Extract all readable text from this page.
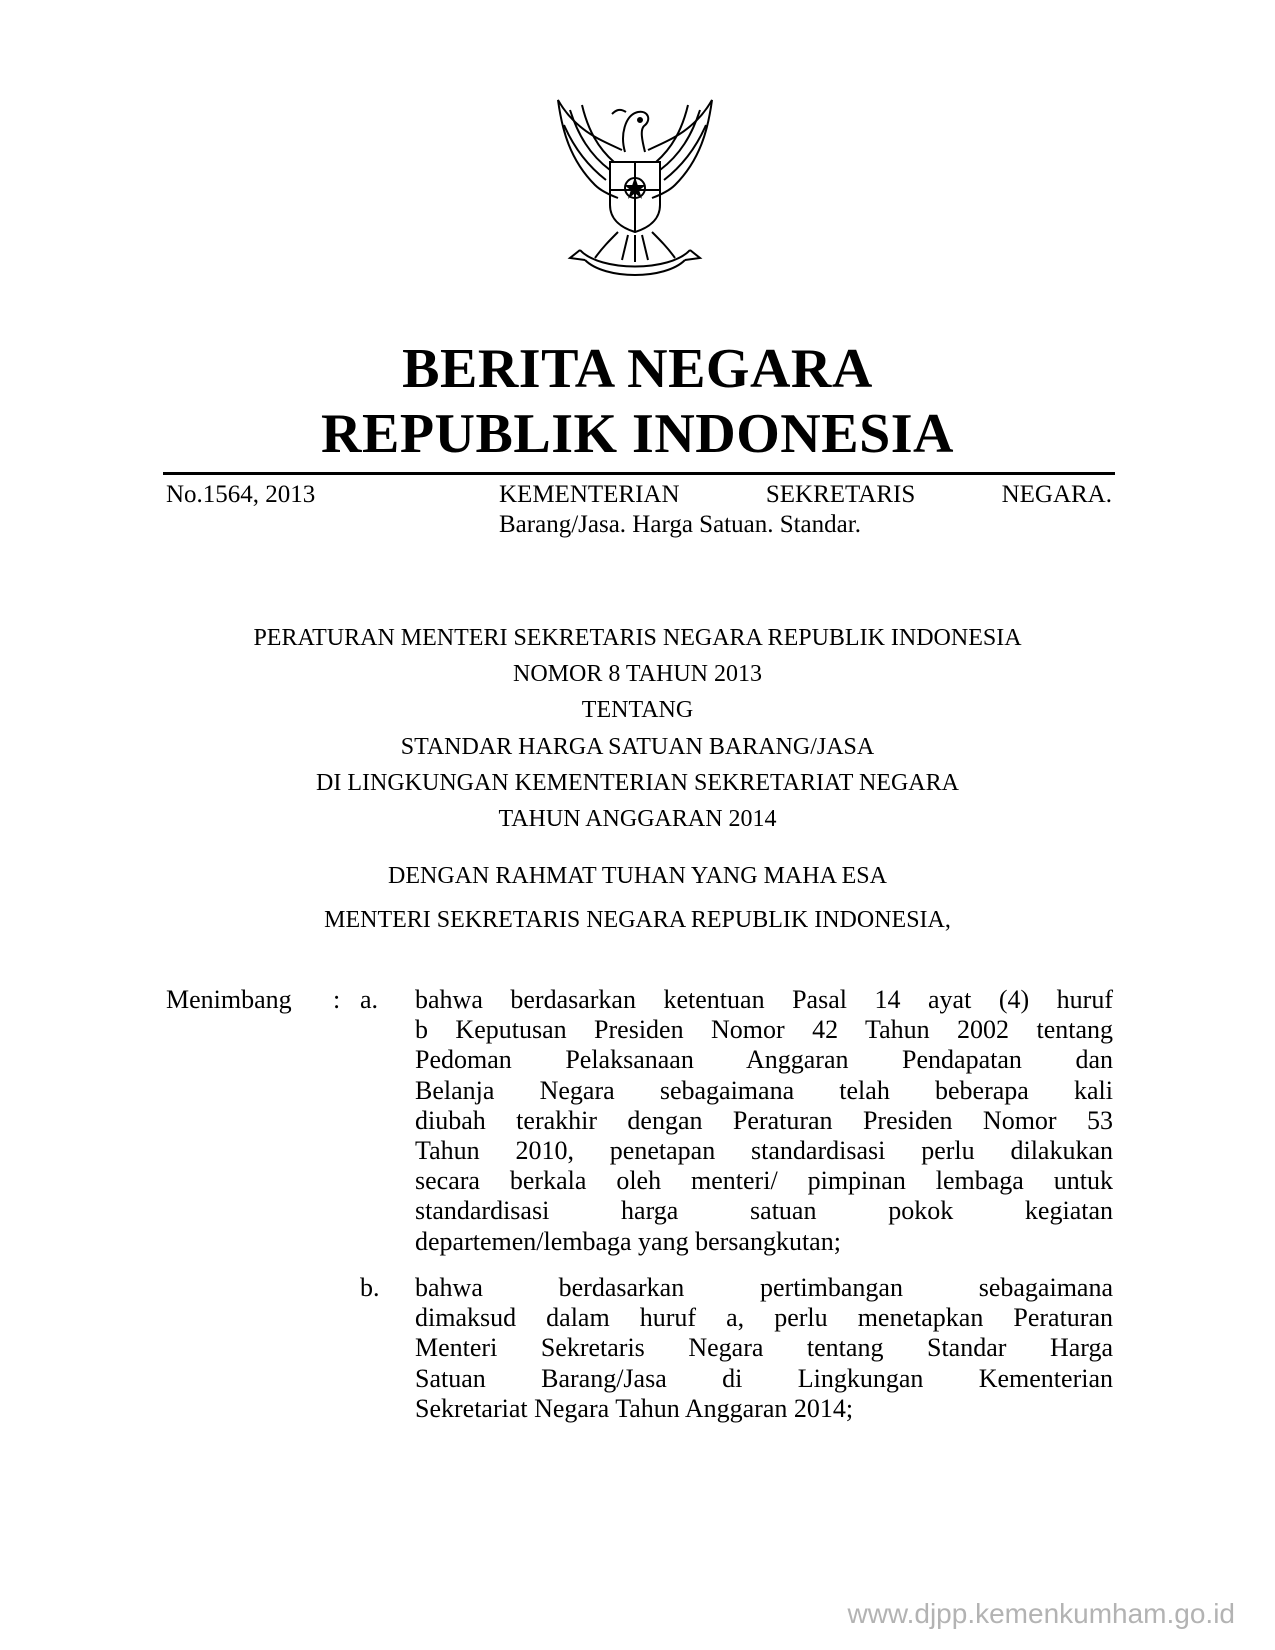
BERITA NEGARA
REPUBLIK INDONESIA
No.1564, 2013	KEMENTERIAN	SEKRETARIS	NEGARA.
Barang/Jasa. Harga Satuan. Standar.
PERATURAN MENTERI SEKRETARIS NEGARA REPUBLIK INDONESIA
NOMOR 8 TAHUN 2013
TENTANG
STANDAR HARGA SATUAN BARANG/JASA
DI LINGKUNGAN KEMENTERIAN SEKRETARIAT NEGARA
TAHUN ANGGARAN 2014
DENGAN RAHMAT TUHAN YANG MAHA ESA
MENTERI SEKRETARIS NEGARA REPUBLIK INDONESIA,
Menimbang : a. bahwa berdasarkan ketentuan Pasal 14 ayat (4) huruf
b Keputusan Presiden Nomor 42 Tahun 2002 tentang
Pedoman Pelaksanaan Anggaran Pendapatan dan
Belanja Negara sebagaimana telah beberapa kali
diubah terakhir dengan Peraturan Presiden Nomor 53
Tahun 2010, penetapan standardisasi perlu dilakukan
secara berkala oleh menteri/ pimpinan lembaga untuk
standardisasi harga satuan pokok kegiatan
departemen/lembaga yang bersangkutan;
b. bahwa berdasarkan pertimbangan sebagaimana
dimaksud dalam huruf a, perlu menetapkan Peraturan
Menteri Sekretaris Negara tentang Standar Harga
Satuan Barang/Jasa di Lingkungan Kementerian
Sekretariat Negara Tahun Anggaran 2014;
www.djpp.kemenkumham.go.id
